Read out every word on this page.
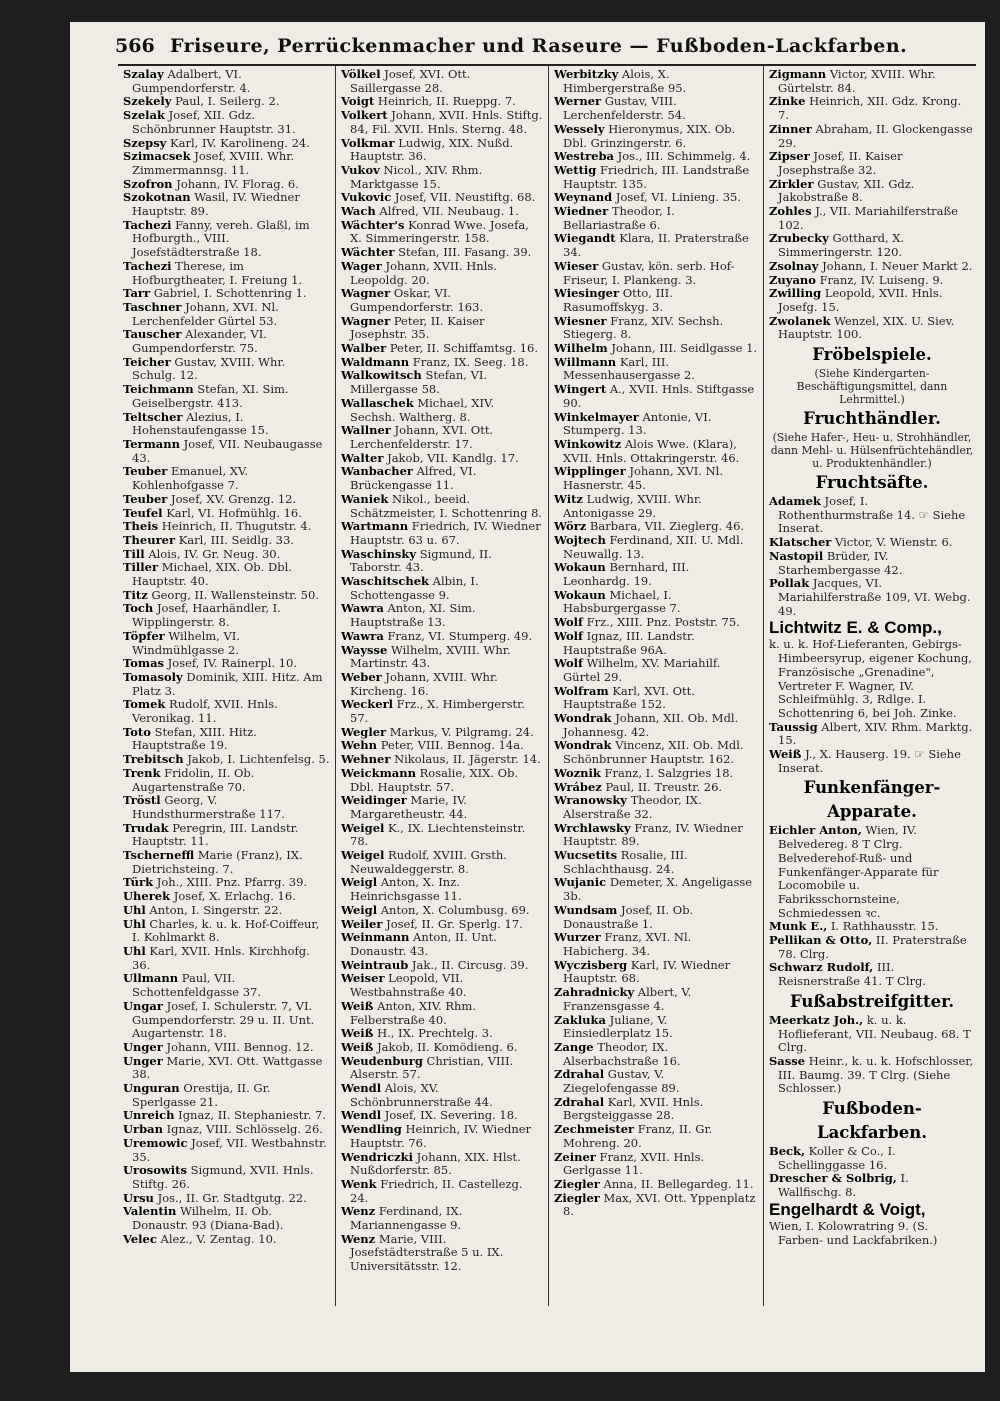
566 Friseure, Perrückenmacher und Raseure — Fußboden-Lackfarben.
Szalay Adalbert, VI. Gumpendorferstr. 4.
Szekely Paul, I. Seilerg. 2.
Szelak Josef, XII. Gdz. Schönbrunner Hauptstr. 31.
Szepsy Karl, IV. Karolineng. 24.
Szimacsek Josef, XVIII. Whr. Zimmermannsg. 11.
Szofron Johann, IV. Florag. 6.
Szokotnan Wasil, IV. Wiedner Hauptstr. 89.
Tachezi Fanny, vereh. Glaßl, im Hofburgth., VIII. Josefstädterstraße 18.
Tachezi Therese, im Hofburgtheater, I. Freiung 1.
Tarr Gabriel, I. Schottenring 1.
Taschner Johann, XVI. Nl. Lerchenfelder Gürtel 53.
Tauscher Alexander, VI. Gumpendorferstr. 75.
Teicher Gustav, XVIII. Whr. Schulg. 12.
Teichmann Stefan, XI. Sim. Geiselbergstr. 413.
Teltscher Alezius, I. Hohenstaufengasse 15.
Termann Josef, VII. Neubaugasse 43.
Teuber Emanuel, XV. Kohlenhofgasse 7.
Teuber Josef, XV. Grenzg. 12.
Teufel Karl, VI. Hofmühlg. 16.
Theis Heinrich, II. Thugutstr. 4.
Theurer Karl, III. Seidlg. 33.
Till Alois, IV. Gr. Neug. 30.
Tiller Michael, XIX. Ob. Dbl. Hauptstr. 40.
Titz Georg, II. Wallensteinstr. 50.
Toch Josef, Haarhändler, I. Wipplingerstr. 8.
Töpfer Wilhelm, VI. Windmühlgasse 2.
Tomas Josef, IV. Rainerpl. 10.
Tomasoly Dominik, XIII. Hitz. Am Platz 3.
Tomek Rudolf, XVII. Hnls. Veronikag. 11.
Toto Stefan, XIII. Hitz. Hauptstraße 19.
Trebitsch Jakob, I. Lichtenfelsg. 5.
Trenk Fridolin, II. Ob. Augartenstraße 70.
Tröstl Georg, V. Hundsthurmerstraße 117.
Trudak Peregrin, III. Landstr. Hauptstr. 11.
Tscherneffl Marie (Franz), IX. Dietrichsteing. 7.
Türk Joh., XIII. Pnz. Pfarrg. 39.
Uherek Josef, X. Erlachg. 16.
Uhl Anton, I. Singerstr. 22.
Uhl Charles, k. u. k. Hof-Coiffeur, I. Kohlmarkt 8.
Uhl Karl, XVII. Hnls. Kirchhofg. 36.
Ullmann Paul, VII. Schottenfeldgasse 37.
Ungar Josef, I. Schulerstr. 7, VI. Gumpendorferstr. 29 u. II. Unt. Augartenstr. 18.
Unger Johann, VIII. Bennog. 12.
Unger Marie, XVI. Ott. Wattgasse 38.
Unguran Orestija, II. Gr. Sperlgasse 21.
Unreich Ignaz, II. Stephaniestr. 7.
Urban Ignaz, VIII. Schlösselg. 26.
Uremowic Josef, VII. Westbahnstr. 35.
Urosowits Sigmund, XVII. Hnls. Stiftg. 26.
Ursu Jos., II. Gr. Stadtgutg. 22.
Valentin Wilhelm, II. Ob. Donaustr. 93 (Diana-Bad).
Velec Alez., V. Zentag. 10.
Völkel Josef, XVI. Ott. Saillergasse 28.
Voigt Heinrich, II. Rueppg. 7.
Volkert Johann, XVII. Hnls. Stiftg. 84, Fil. XVII. Hnls. Sterng. 48.
Volkmar Ludwig, XIX. Nußd. Hauptstr. 36.
Vukov Nicol., XIV. Rhm. Marktgasse 15.
Vukovic Josef, VII. Neustiftg. 68.
Wach Alfred, VII. Neubaug. 1.
Wächter's Konrad Wwe. Josefa, X. Simmeringerstr. 158.
Wächter Stefan, III. Fasang. 39.
Wager Johann, XVII. Hnls. Leopoldg. 20.
Wagner Oskar, VI. Gumpendorferstr. 163.
Wagner Peter, II. Kaiser Josephstr. 35.
Walber Peter, II. Schiffamtsg. 16.
Waldmann Franz, IX. Seeg. 18.
Walkowitsch Stefan, VI. Millergasse 58.
Wallaschek Michael, XIV. Sechsh. Waltherg. 8.
Wallner Johann, XVI. Ott. Lerchenfelderstr. 17.
Walter Jakob, VII. Kandlg. 17.
Wanbacher Alfred, VI. Brückengasse 11.
Waniek Nikol., beeid. Schätzmeister, I. Schottenring 8.
Wartmann Friedrich, IV. Wiedner Hauptstr. 63 u. 67.
Waschinsky Sigmund, II. Taborstr. 43.
Waschitschek Albin, I. Schottengasse 9.
Wawra Anton, XI. Sim. Hauptstraße 13.
Wawra Franz, VI. Stumperg. 49.
Waysse Wilhelm, XVIII. Whr. Martinstr. 43.
Weber Johann, XVIII. Whr. Kircheng. 16.
Weckerl Frz., X. Himbergerstr. 57.
Wegler Markus, V. Pilgramg. 24.
Wehn Peter, VIII. Bennog. 14a.
Wehner Nikolaus, II. Jägerstr. 14.
Weickmann Rosalie, XIX. Ob. Dbl. Hauptstr. 57.
Weidinger Marie, IV. Margaretheustr. 44.
Weigel K., IX. Liechtensteinstr. 78.
Weigel Rudolf, XVIII. Grsth. Neuwaldeggerstr. 8.
Weigl Anton, X. Inz. Heinrichsgasse 11.
Weigl Anton, X. Columbusg. 69.
Weiler Josef, II. Gr. Sperlg. 17.
Weinmann Anton, II. Unt. Donaustr. 43.
Weintraub Jak., II. Circusg. 39.
Weiser Leopold, VII. Westbahnstraße 40.
Weiß Anton, XIV. Rhm. Felberstraße 40.
Weiß H., IX. Prechtelg. 3.
Weiß Jakob, II. Komödieng. 6.
Weudenburg Christian, VIII. Alserstr. 57.
Wendl Alois, XV. Schönbrunnerstraße 44.
Wendl Josef, IX. Severing. 18.
Wendling Heinrich, IV. Wiedner Hauptstr. 76.
Wendriczki Johann, XIX. Hlst. Nußdorferstr. 85.
Wenk Friedrich, II. Castellezg. 24.
Wenz Ferdinand, IX. Mariannengasse 9.
Wenz Marie, VIII. Josefstädterstraße 5 u. IX. Universitätsstr. 12.
Werbitzky Alois, X. Himbergerstraße 95.
Werner Gustav, VIII. Lerchenfelderstr. 54.
Wessely Hieronymus, XIX. Ob. Dbl. Grinzingerstr. 6.
Westreba Jos., III. Schimmelg. 4.
Wettig Friedrich, III. Landstraße Hauptstr. 135.
Weynand Josef, VI. Linieng. 35.
Wiedner Theodor, I. Bellariastraße 6.
Wiegandt Klara, II. Praterstraße 34.
Wieser Gustav, kön. serb. Hof-Friseur, I. Plankeng. 3.
Wiesinger Otto, III. Rasumoffskyg. 3.
Wiesner Franz, XIV. Sechsh. Stiegerg. 8.
Wilhelm Johann, III. Seidlgasse 1.
Willmann Karl, III. Messenhausergasse 2.
Wingert A., XVII. Hnls. Stiftgasse 90.
Winkelmayer Antonie, VI. Stumperg. 13.
Winkowitz Alois Wwe. (Klara), XVII. Hnls. Ottakringerstr. 46.
Wipplinger Johann, XVI. Nl. Hasnerstr. 45.
Witz Ludwig, XVIII. Whr. Antonigasse 29.
Wörz Barbara, VII. Zieglerg. 46.
Wojtech Ferdinand, XII. U. Mdl. Neuwallg. 13.
Wokaun Bernhard, III. Leonhardg. 19.
Wokaun Michael, I. Habsburgergasse 7.
Wolf Frz., XIII. Pnz. Poststr. 75.
Wolf Ignaz, III. Landstr. Hauptstraße 96A.
Wolf Wilhelm, XV. Mariahilf. Gürtel 29.
Wolfram Karl, XVI. Ott. Hauptstraße 152.
Wondrak Johann, XII. Ob. Mdl. Johannesg. 42.
Wondrak Vincenz, XII. Ob. Mdl. Schönbrunner Hauptstr. 162.
Woznik Franz, I. Salzgries 18.
Wrábez Paul, II. Treustr. 26.
Wranowsky Theodor, IX. Alserstraße 32.
Wrchlawsky Franz, IV. Wiedner Hauptstr. 89.
Wucsetits Rosalie, III. Schlachthausg. 24.
Wujanic Demeter, X. Angeligasse 3b.
Wundsam Josef, II. Ob. Donaustraße 1.
Wurzer Franz, XVI. Nl. Habicherg. 34.
Wyczisberg Karl, IV. Wiedner Hauptstr. 68.
Zahradnicky Albert, V. Franzensgasse 4.
Zakluka Juliane, V. Einsiedlerplatz 15.
Zange Theodor, IX. Alserbachstraße 16.
Zdrahal Gustav, V. Ziegelofengasse 89.
Zdrahal Karl, XVII. Hnls. Bergsteiggasse 28.
Zechmeister Franz, II. Gr. Mohreng. 20.
Zeiner Franz, XVII. Hnls. Gerlgasse 11.
Ziegler Anna, II. Bellegardeg. 11.
Ziegler Max, XVI. Ott. Yppenplatz 8.
Zigmann Victor, XVIII. Whr. Gürtelstr. 84.
Zinke Heinrich, XII. Gdz. Krong. 7.
Zinner Abraham, II. Glockengasse 29.
Zipser Josef, II. Kaiser Josephstraße 32.
Zirkler Gustav, XII. Gdz. Jakobstraße 8.
Zohles J., VII. Mariahilferstraße 102.
Zrubecky Gotthard, X. Simmeringerstr. 120.
Zsolnay Johann, I. Neuer Markt 2.
Zuyano Franz, IV. Luiseng. 9.
Zwilling Leopold, XVII. Hnls. Josefg. 15.
Zwolanek Wenzel, XIX. U. Siev. Hauptstr. 100.
Fröbelspiele.
(Siehe Kindergarten-Beschäftigungsmittel, dann Lehrmittel.)
Fruchthändler.
(Siehe Hafer-, Heu- u. Strohhändler, dann Mehl- u. Hülsenfrüchtehändler, u. Produktenhändler.)
Fruchtsäfte.
Adamek Josef, I. Rothenthurmstraße 14. ☞ Siehe Inserat.
Klatscher Victor, V. Wienstr. 6.
Nastopil Brüder, IV. Starhembergasse 42.
Pollak Jacques, VI. Mariahilferstraße 109, VI. Webg. 49.
Lichtwitz E. & Comp.,
k. u. k. Hof-Lieferanten, Gebirgs-Himbeersyrup, eigener Kochung, Französische „Grenadine", Vertreter F. Wagner, IV. Schleifmühlg. 3, Rdlge. I. Schottenring 6, bei Joh. Zinke.
Taussig Albert, XIV. Rhm. Marktg. 15.
Weiß J., X. Hauserg. 19. ☞ Siehe Inserat.
Funkenfänger-Apparate.
Eichler Anton, Wien, IV. Belvedereg. 8 T Clrg. Belvederehof-Ruß- und Funkenfänger-Apparate für Locomobile u. Fabriksschornsteine, Schmiedessen ꝛc.
Munk E., I. Rathhausstr. 15.
Pellikan & Otto, II. Praterstraße 78. Clrg.
Schwarz Rudolf, III. Reisnerstraße 41. T Clrg.
Fußabstreifgitter.
Meerkatz Joh., k. u. k. Hoflieferant, VII. Neubaug. 68. T Clrg.
Sasse Heinr., k. u. k. Hofschlosser, III. Baumg. 39. T Clrg. (Siehe Schlosser.)
Fußboden-Lackfarben.
Beck, Koller & Co., I. Schellinggasse 16.
Drescher & Solbrig, I. Wallfischg. 8.
Engelhardt & Voigt,
Wien, I. Kolowratring 9. (S. Farben- und Lackfabriken.)
